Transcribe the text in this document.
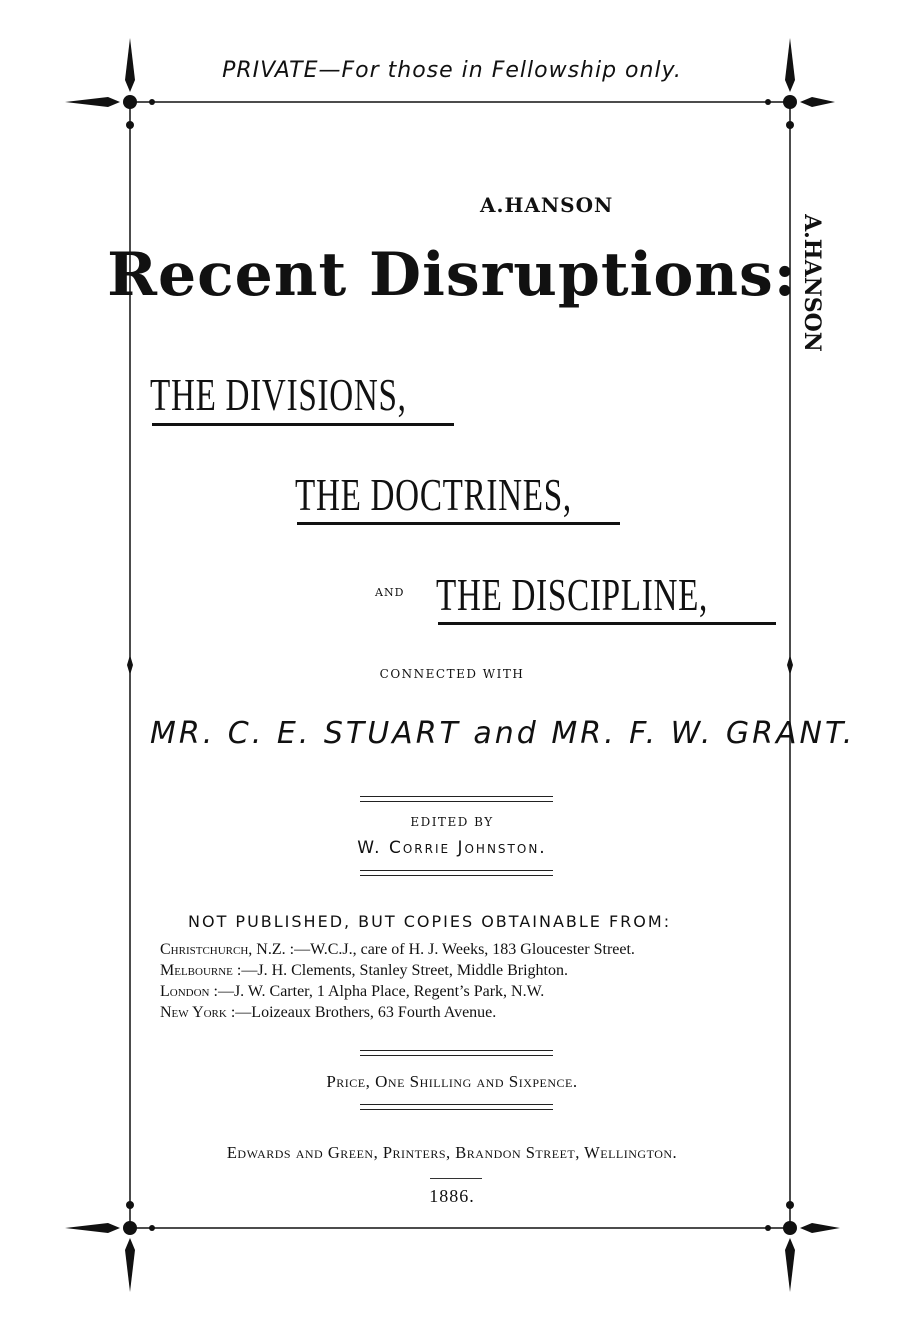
PRIVATE—For those in Fellowship only.
A.HANSON
A.HANSON
Recent Disruptions:
THE DIVISIONS,
THE DOCTRINES,
AND THE DISCIPLINE,
CONNECTED WITH
MR. C. E. STUART and MR. F. W. GRANT.
EDITED BY
W. Corrie Johnston.
NOT PUBLISHED, BUT COPIES OBTAINABLE FROM:
Christchurch, N.Z. :—W.C.J., care of H. J. Weeks, 183 Gloucester Street.
Melbourne :—J. H. Clements, Stanley Street, Middle Brighton.
London :—J. W. Carter, 1 Alpha Place, Regent’s Park, N.W.
New York :—Loizeaux Brothers, 63 Fourth Avenue.
Price, One Shilling and Sixpence.
Edwards and Green, Printers, Brandon Street, Wellington.
1886.
